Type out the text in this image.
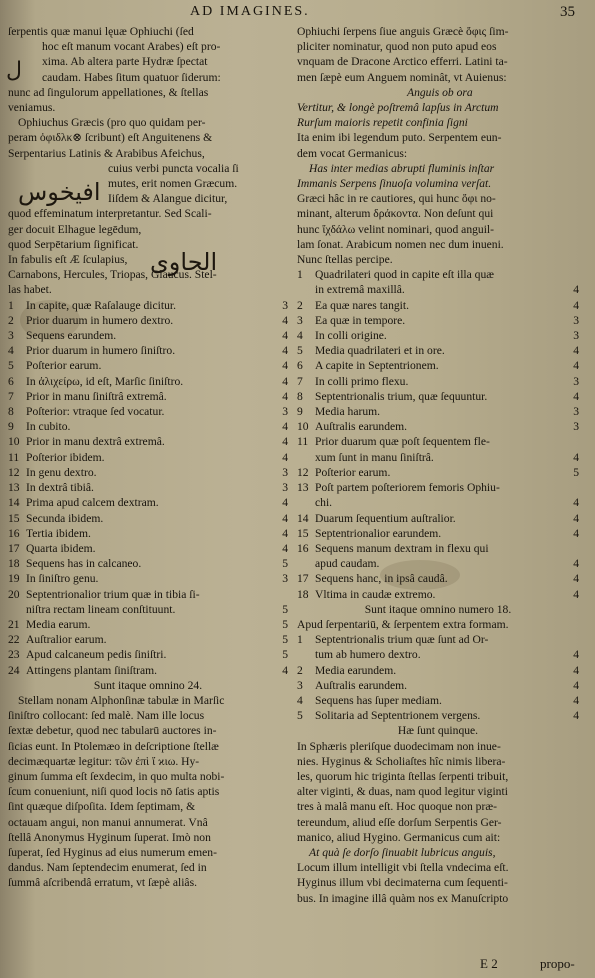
AD IMAGINES.	35
ſerpentis quæ manui lęuæ Ophiuchi (ſed
hoc eſt manum vocant Arabes) eſt pro-
xima. Ab altera parte Hydræ ſpectat
caudam. Habes ſitum quatuor ſiderum:
nunc ad ſingulorum appellationes, & ſtellas
veniamus.
Ophiuchus Græcis (pro quo quidam per-
peram ὀφιδλκ⊗ ſcribunt) eſt Anguitenens &
Serpentarius Latinis & Arabibus Afeichus,
cuius verbi puncta vocalia ſi
mutes, erit nomen Græcum.
Iiſdem & Alangue dicitur,
quod effeminatum interpretantur. Sed Scali-
ger docuit Elhague legēdum,
quod Serpētarium ſignificat.
In fabulis eſt Æ ſculapius,
Carnabons, Hercules, Triopas, Glaucus. Stel-
las habet.
1	In capite, quæ Raſalauge dicitur.	3
2	Prior duarum in humero dextro.	4
3	Sequens earundem.	4
4	Prior duarum in humero ſiniſtro.	4
5	Poſterior earum.	4
6	In ἀλιχείρω, id eſt, Marſic ſiniſtro.	4
7	Prior in manu ſiniſtrâ extremâ.	4
8	Poſterior: vtraque ſed vocatur.	3
9	In cubito.	4
10 Prior in manu dextrâ extremâ.	4
11 Poſterior ibidem.	4
12 In genu dextro.	3
13 In dextrâ tibiâ.	3
14 Prima apud calcem dextram.	4
15 Secunda ibidem.	4
16 Tertia ibidem.	4
17 Quarta ibidem.	4
18 Sequens has in calcaneo.	5
19 In ſiniſtro genu.	3
20 Septentrionalior trium quæ in tibia ſi-
niſtra rectam lineam conſtituunt.	5
21 Media earum.	5
22 Auſtralior earum.	5
23 Apud calcaneum pedis ſiniſtri.	5
24 Attingens plantam ſiniſtram.	4
Sunt itaque omnino 24.
Stellam nonam Alphonſinæ tabulæ in Marſic
ſiniſtro collocant: ſed malè. Nam ille locus
ſextæ debetur, quod nec tabularū auctores in-
ſicias eunt. In Ptolemæo in deſcriptione ſtellæ
decimæquartæ legitur: τῶν ἐπὶ ἴ ϰιω. Hy-
ginum ſumma eſt ſexdecim, in quo multa nobi-
ſcum conueniunt, niſi quod locis nō ſatis aptis
ſint quæque diſpoſita. Idem ſeptimam, &
octauam angui, non manui annumerat. Vnâ
ſtellâ Anonymus Hyginum ſuperat. Imò non
ſuperat, ſed Hyginus ad eius numerum emen-
dandus. Nam ſeptendecim enumerat, ſed in
ſummâ aſcribendâ erratum, vt ſæpè aliâs.
ل
افيخوس
الحاوى
Ophiuchi ſerpens ſiue anguis Græcè ὄφις ſim-
pliciter nominatur, quod non puto apud eos
vnquam de Dracone Arctico efferri. Latini ta-
men ſæpè eum Anguem nominât, vt Auienus:
Anguis ob ora
Vertitur, & longè poſtremâ lapſus in Arctum
Rurſum maioris repetit confinia ſigni
Ita enim ibi legendum puto. Serpentem eun-
dem vocat Germanicus:
Has inter medias abrupti fluminis inſtar
Immanis Serpens ſinuoſa volumina verſat.
Græci hâc in re cautiores, qui hunc ὄφι no-
minant, alterum δράκοντα. Non deſunt qui
hunc ἴχδάλω velint nominari, quod anguil-
lam ſonat. Arabicum nomen nec dum inueni.
Nunc ſtellas percipe.
1	Quadrilateri quod in capite eſt illa quæ
in extremâ maxillâ.	4
2	Ea quæ nares tangit.	4
3	Ea quæ in tempore.	3
4	In colli origine.	3
5	Media quadrilateri et in ore.	4
6	A capite in Septentrionem.	4
7	In colli primo flexu.	3
8	Septentrionalis trium, quæ ſequuntur.	4
9	Media harum.	3
10 Auſtralis earundem.	3
11 Prior duarum quæ poſt ſequentem fle-
xum ſunt in manu ſiniſtrâ.	4
12 Poſterior earum.	5
13 Poſt partem poſteriorem femoris Ophiu-
chi.	4
14 Duarum ſequentium auſtralior.	4
15 Septentrionalior earundem.	4
16 Sequens manum dextram in flexu qui
apud caudam.	4
17 Sequens hanc, in ipsâ caudâ.	4
18 Vltima in caudæ extremo.	4
Sunt itaque omnino numero 18.
Apud ſerpentariū, & ſerpentem extra formam.
1	Septentrionalis trium quæ ſunt ad Or-
tum ab humero dextro.	4
2	Media earundem.	4
3	Auſtralis earundem.	4
4	Sequens has ſuper mediam.	4
5	Solitaria ad Septentrionem vergens.	4
Hæ ſunt quinque.
In Sphæris pleriſque duodecimam non inue-
nies. Hyginus & Scholiaſtes hîc nimis libera-
les, quorum hic triginta ſtellas ſerpenti tribuit,
alter viginti, & duas, nam quod legitur viginti
tres à malâ manu eſt. Hoc quoque non præ-
tereundum, aliud eſſe dorſum Serpentis Ger-
manico, aliud Hygino. Germanicus cum ait:
At quà ſe dorſo ſinuabit lubricus anguis,
Locum illum intelligit vbi ſtella vndecima eſt.
Hyginus illum vbi decimaterna cum ſequenti-
bus. In imagine illâ quàm nos ex Manuſcripto
E 2	propo-
